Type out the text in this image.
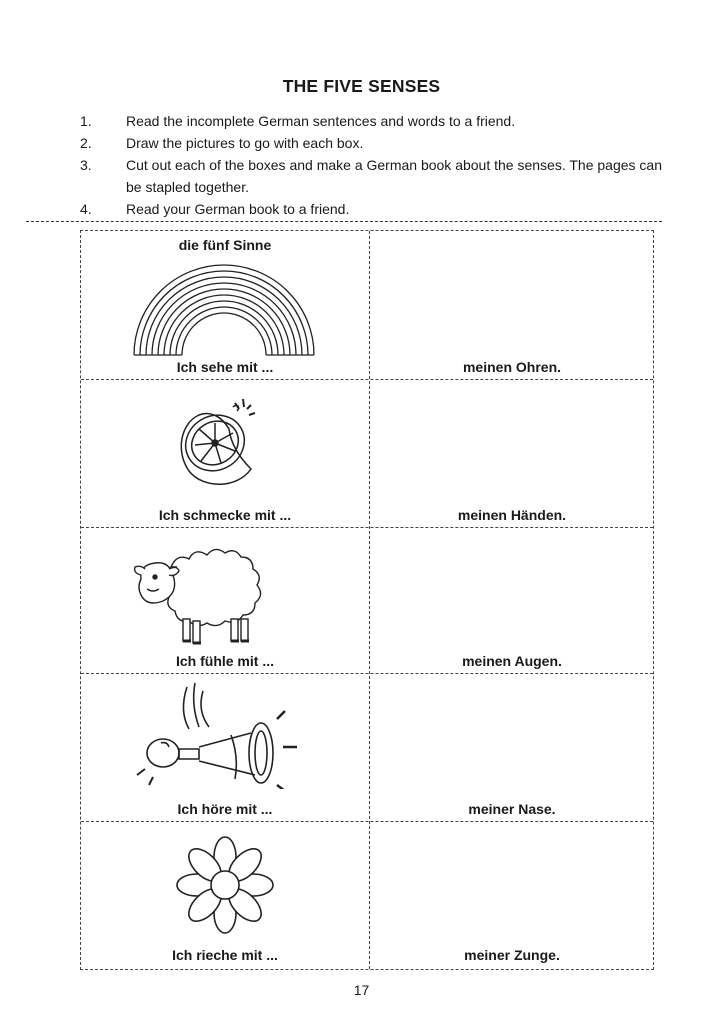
THE FIVE SENSES
1.	Read the incomplete German sentences and words to a friend.
2.	Draw the pictures to go with each box.
3.	Cut out each of the boxes and make a German book about the senses. The pages can be stapled together.
4.	Read your German book to a friend.
die fünf Sinne
Ich sehe mit ...	meinen Ohren.
Ich schmecke mit ...	meinen Händen.
Ich fühle mit ...	meinen Augen.
Ich höre mit ...	meiner Nase.
Ich rieche mit ...	meiner Zunge.
17
